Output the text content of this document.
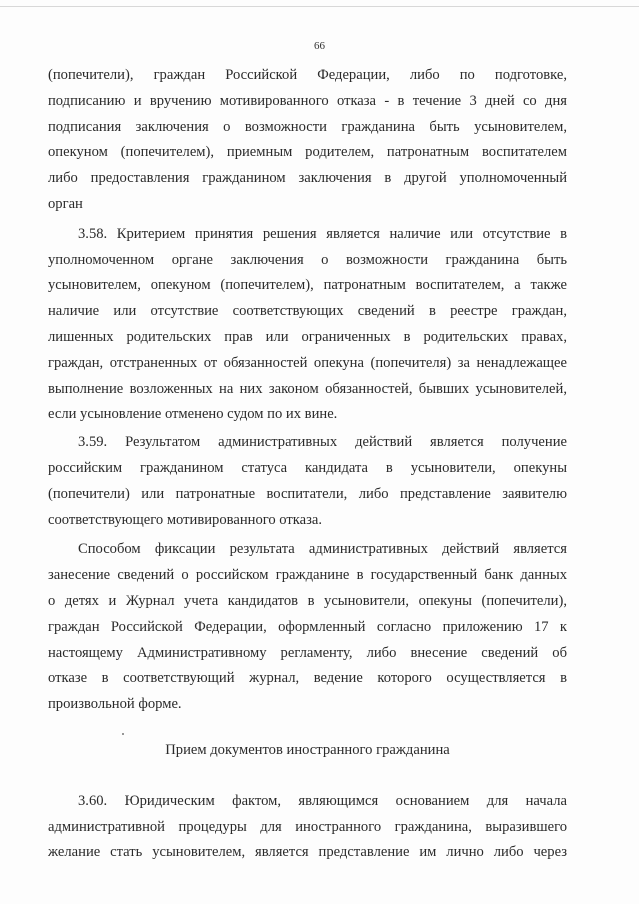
66

(попечители), граждан Российской Федерации, либо по подготовке,
подписанию и вручению мотивированного отказа - в течение 3 дней со дня
подписания заключения о возможности гражданина быть усыновителем,
опекуном (попечителем), приемным родителем, патронатным воспитателем
либо предоставления гражданином заключения в другой уполномоченный
орган

3.58. Критерием принятия решения является наличие или отсутствие в
уполномоченном органе заключения о возможности гражданина быть
усыновителем, опекуном (попечителем), патронатным воспитателем, а также
наличие или отсутствие соответствующих сведений в реестре граждан,
лишенных родительских прав или ограниченных в родительских правах,
граждан, отстраненных от обязанностей опекуна (попечителя) за ненадлежащее
выполнение возложенных на них законом обязанностей, бывших усыновителей,
если усыновление отменено судом по их вине.

3.59. Результатом административных действий является получение
российским гражданином статуса кандидата в усыновители, опекуны
(попечители) или патронатные воспитатели, либо представление заявителю
соответствующего мотивированного отказа.

Способом фиксации результата административных действий является
занесение сведений о российском гражданине в государственный банк данных
о детях и Журнал учета кандидатов в усыновители, опекуны (попечители),
граждан Российской Федерации, оформленный согласно приложению 17 к
настоящему Административному регламенту, либо внесение сведений об
отказе в соответствующий журнал, ведение которого осуществляется в
произвольной форме.

Прием документов иностранного гражданина

3.60. Юридическим фактом, являющимся основанием для начала
административной процедуры для иностранного гражданина, выразившего
желание стать усыновителем, является представление им лично либо через
